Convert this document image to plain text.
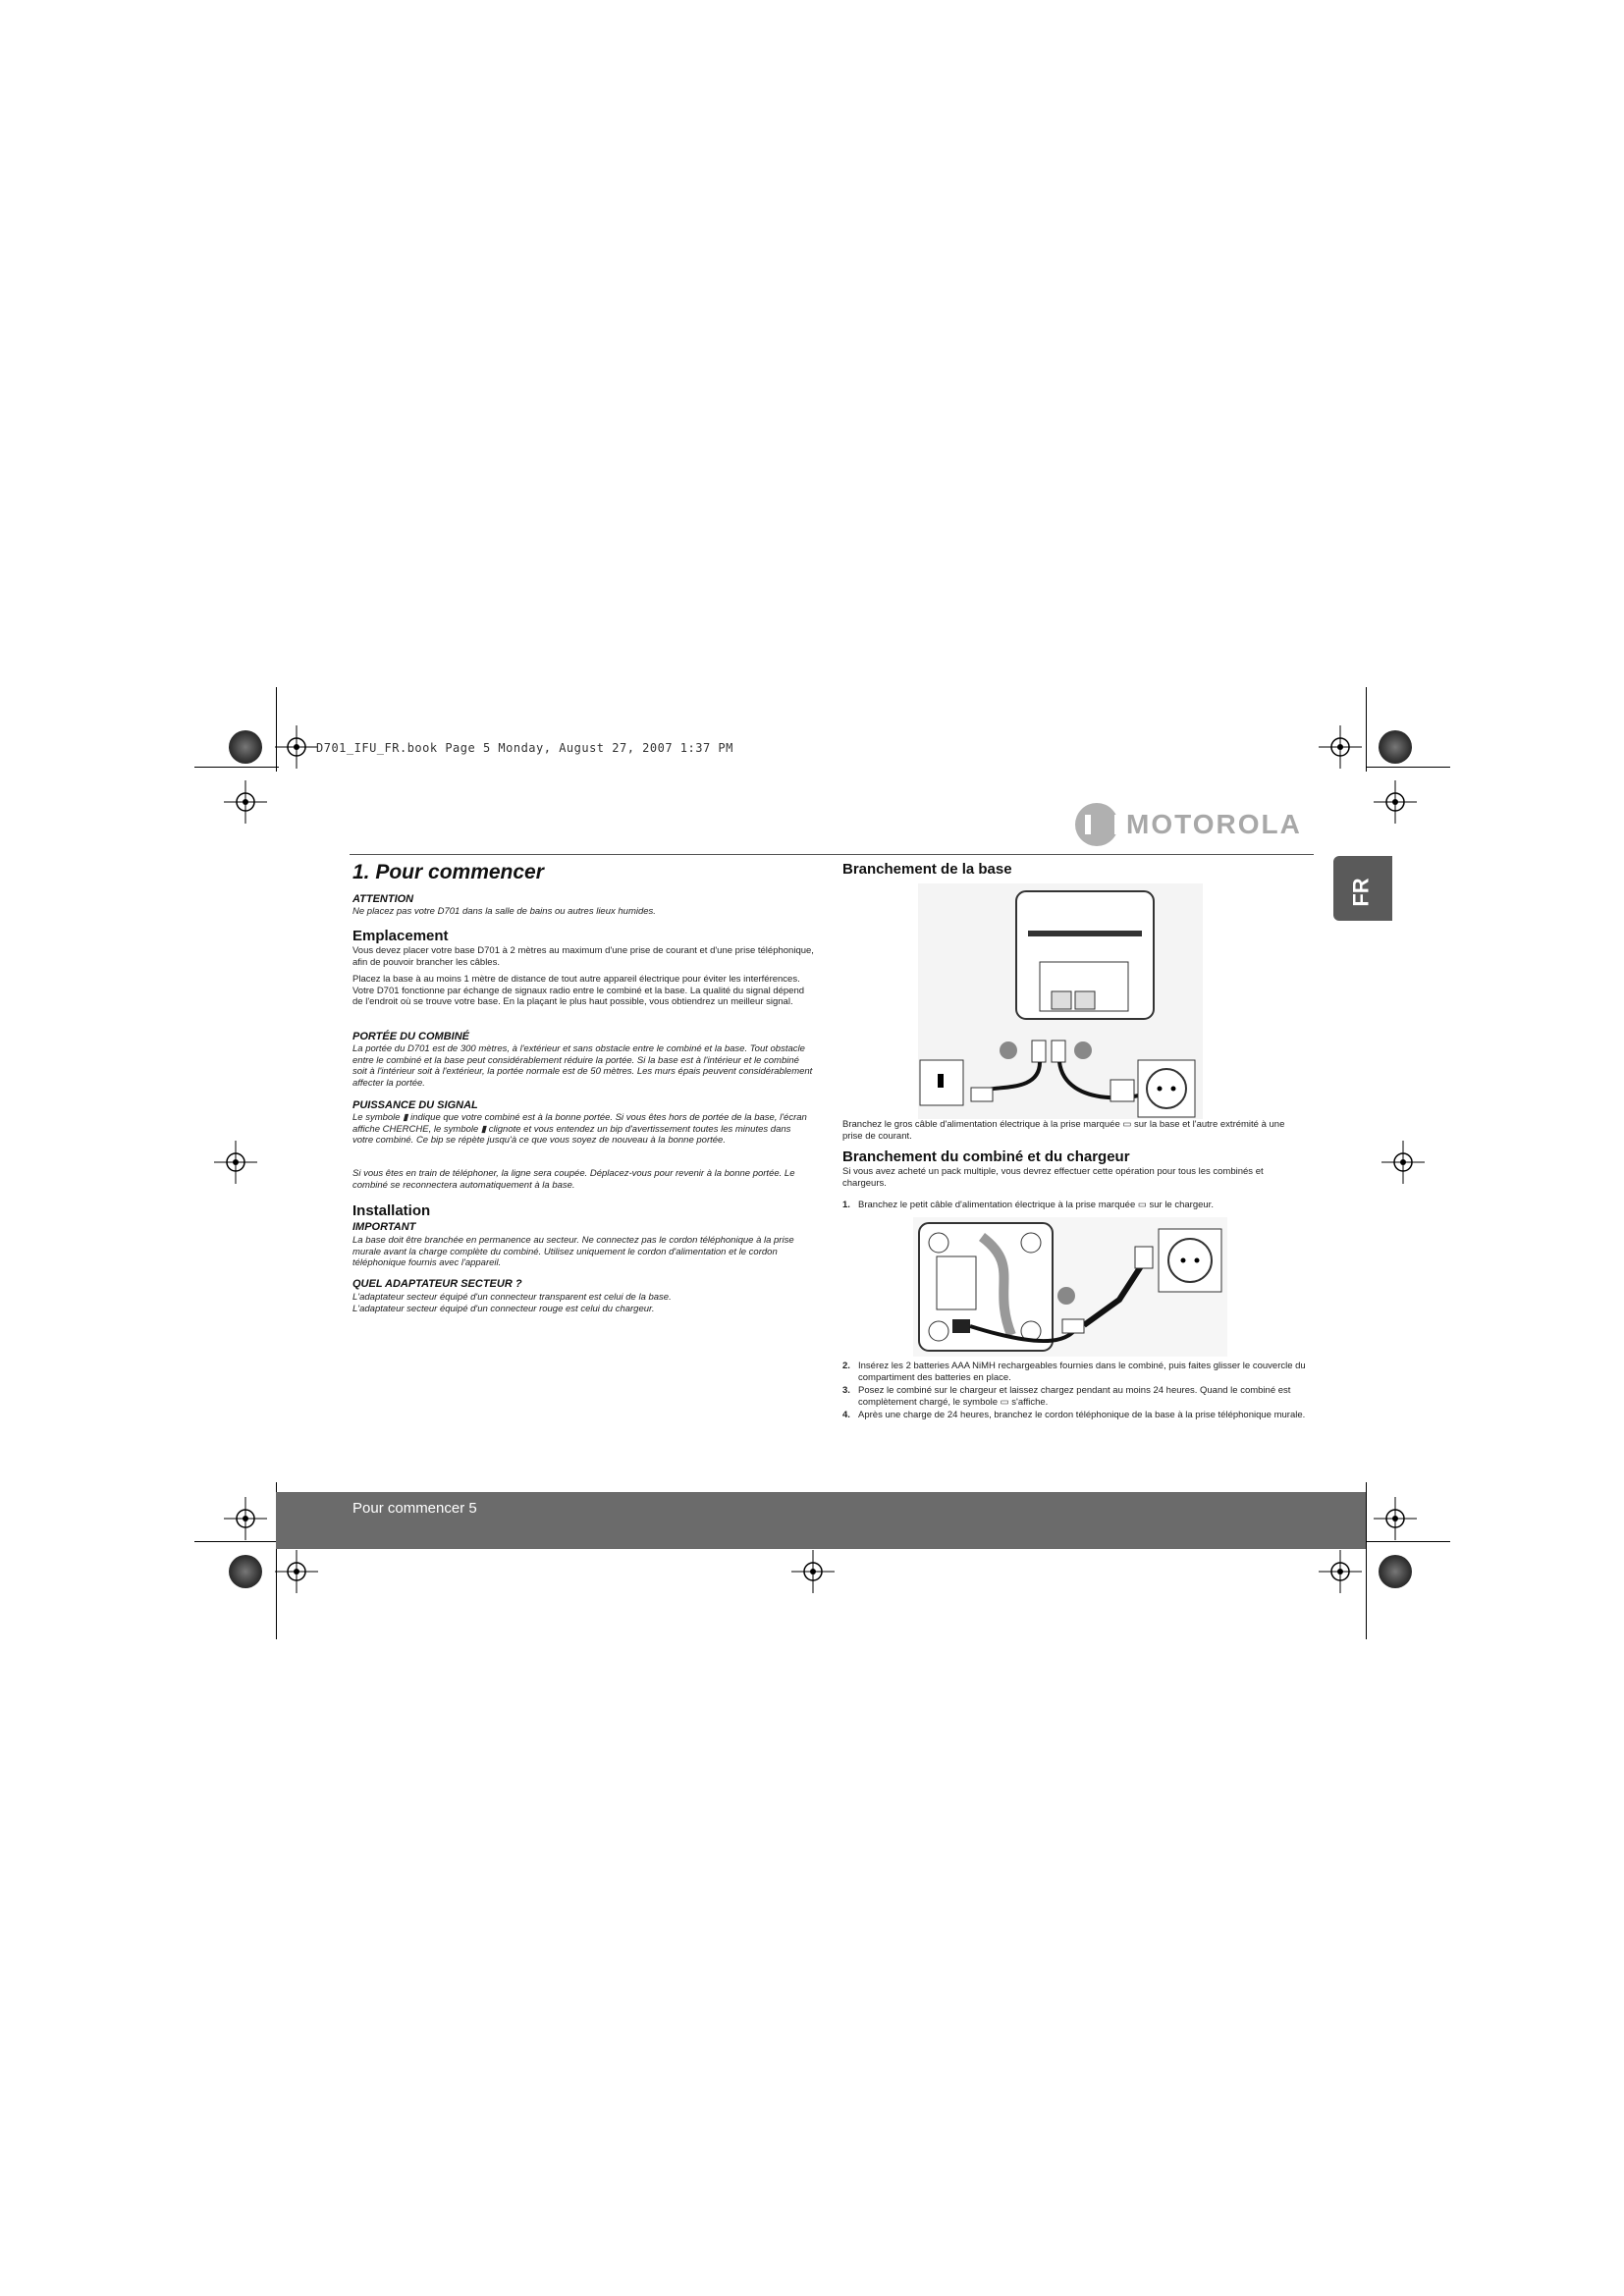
D701_IFU_FR.book Page 5 Monday, August 27, 2007 1:37 PM
MOTOROLA
FR
1. Pour commencer
ATTENTION

Ne placez pas votre D701 dans la salle de bains ou autres lieux humides.

Emplacement

Vous devez placer votre base D701 à 2 mètres au maximum d'une prise de courant et d'une prise téléphonique, afin de pouvoir brancher les câbles.

Placez la base à au moins 1 mètre de distance de tout autre appareil électrique pour éviter les interférences. Votre D701 fonctionne par échange de signaux radio entre le combiné et la base. La qualité du signal dépend de l'endroit où se trouve votre base. En la plaçant le plus haut possible, vous obtiendrez un meilleur signal.

PORTÉE DU COMBINÉ

La portée du D701 est de 300 mètres, à l'extérieur et sans obstacle entre le combiné et la base. Tout obstacle entre le combiné et la base peut considérablement réduire la portée. Si la base est à l'intérieur et le combiné soit à l'intérieur soit à l'extérieur, la portée normale est de 50 mètres. Les murs épais peuvent considérablement affecter la portée.

PUISSANCE DU SIGNAL

Le symbole ▮ indique que votre combiné est à la bonne portée. Si vous êtes hors de portée de la base, l'écran affiche CHERCHE, le symbole ▮ clignote et vous entendez un bip d'avertissement toutes les minutes dans votre combiné. Ce bip se répète jusqu'à ce que vous soyez de nouveau à la bonne portée.

Si vous êtes en train de téléphoner, la ligne sera coupée. Déplacez-vous pour revenir à la bonne portée. Le combiné se reconnectera automatiquement à la base.

Installation
IMPORTANT

La base doit être branchée en permanence au secteur. Ne connectez pas le cordon téléphonique à la prise murale avant la charge complète du combiné. Utilisez uniquement le cordon d'alimentation et le cordon téléphonique fournis avec l'appareil.

QUEL ADAPTATEUR SECTEUR ?

L'adaptateur secteur équipé d'un connecteur transparent est celui de la base.

L'adaptateur secteur équipé d'un connecteur rouge est celui du chargeur.

Branchement de la base

Branchez le gros câble d'alimentation électrique à la prise marquée ▭ sur la base et l'autre extrémité à une prise de courant.

Branchement du combiné et du chargeur

Si vous avez acheté un pack multiple, vous devrez effectuer cette opération pour tous les combinés et chargeurs.

1. Branchez le petit câble d'alimentation électrique à la prise marquée ▭ sur le chargeur.
2. Insérez les 2 batteries AAA NiMH rechargeables fournies dans le combiné, puis faites glisser le couvercle du compartiment des batteries en place.
3. Posez le combiné sur le chargeur et laissez chargez pendant au moins 24 heures. Quand le combiné est complètement chargé, le symbole ▭ s'affiche.
4. Après une charge de 24 heures, branchez le cordon téléphonique de la base à la prise téléphonique murale.
Pour commencer 5
